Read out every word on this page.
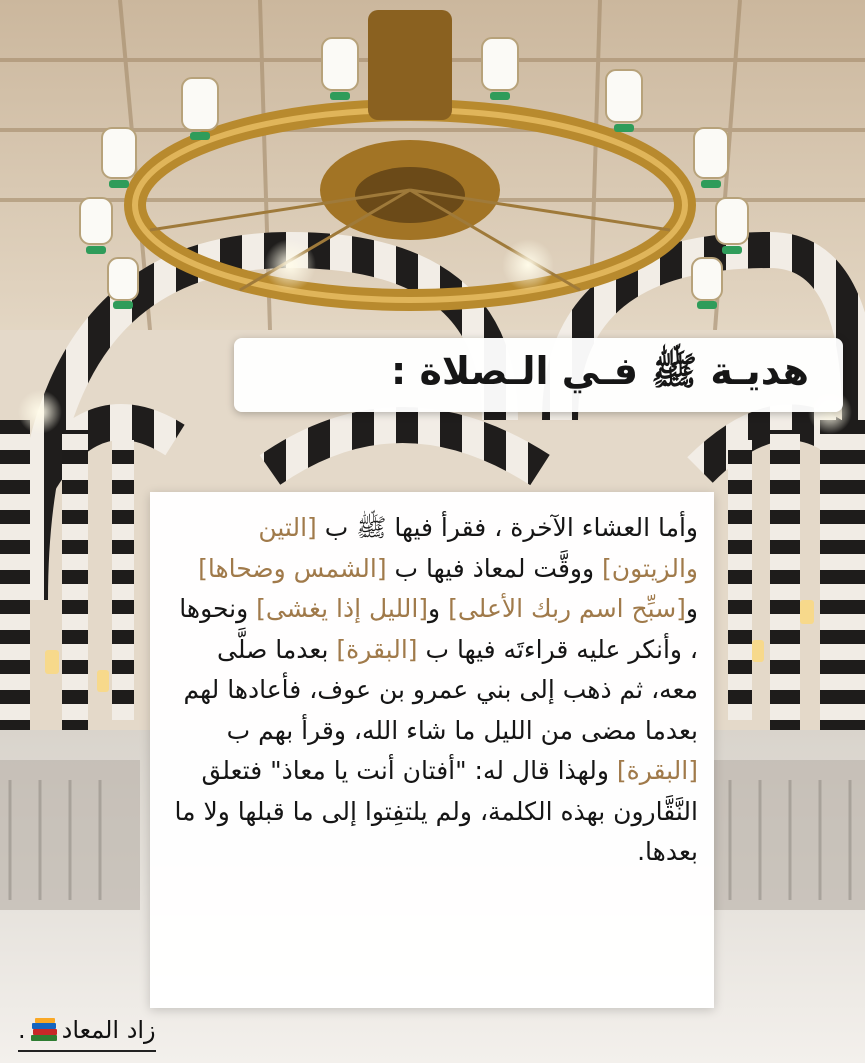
هديـة ﷺ فـي الـصلاة :

وأما العشاء الآخرة ، فقرأ فيها ﷺ ب [التين والزيتون] ووقَّت لمعاذ فيها ب [الشمس وضحاها] و[سبِّح اسم ربك الأعلى] و[الليل إذا يغشى] ونحوها ، وأنكر عليه قراءتَه فيها ب [البقرة] بعدما صلَّى معه، ثم ذهب إلى بني عمرو بن عوف، فأعادها لهم بعدما مضى من الليل ما شاء الله، وقرأ بهم ب [البقرة] ولهذا قال له: "أفتان أنت يا معاذ" فتعلق النَّقَّارون بهذه الكلمة، ولم يلتفِتوا إلى ما قبلها ولا ما بعدها.

زاد المعاد
.
